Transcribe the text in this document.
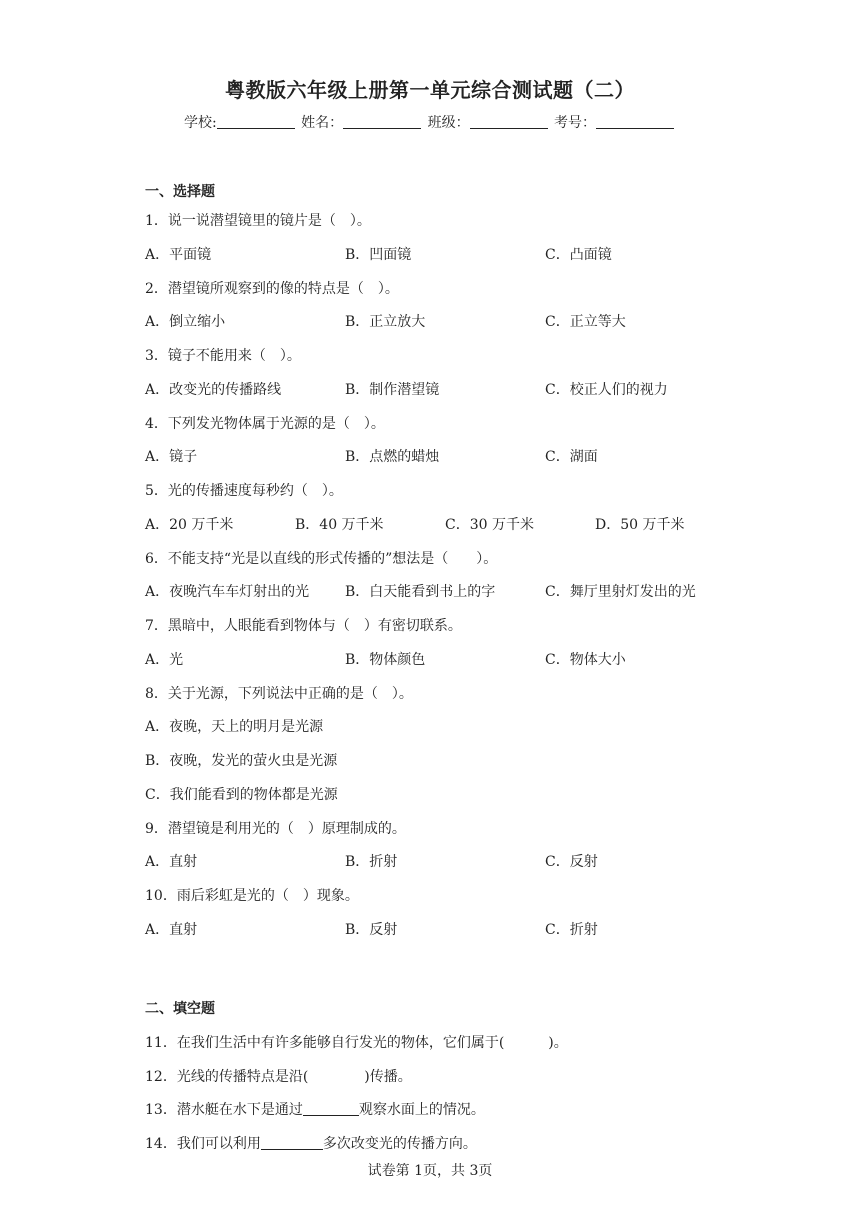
粤教版六年级上册第一单元综合测试题（二）
学校:	姓名：	班级：	考号：
一、选择题
1．说一说潜望镜里的镜片是（　）。
A．平面镜	B．凹面镜	C．凸面镜
2．潜望镜所观察到的像的特点是（　）。
A．倒立缩小	B．正立放大	C．正立等大
3．镜子不能用来（　）。
A．改变光的传播路线	B．制作潜望镜	C．校正人们的视力
4．下列发光物体属于光源的是（　）。
A．镜子	B．点燃的蜡烛	C．湖面
5．光的传播速度每秒约（　）。
A．20 万千米	B．40 万千米	C．30 万千米	D．50 万千米
6．不能支持“光是以直线的形式传播的”想法是（　　）。
A．夜晚汽车车灯射出的光	B．白天能看到书上的字	C．舞厅里射灯发出的光
7．黑暗中，人眼能看到物体与（　）有密切联系。
A．光	B．物体颜色	C．物体大小
8．关于光源，下列说法中正确的是（　）。
A．夜晚，天上的明月是光源
B．夜晚，发光的萤火虫是光源
C．我们能看到的物体都是光源
9．潜望镜是利用光的（　）原理制成的。
A．直射	B．折射	C．反射
10．雨后彩虹是光的（　）现象。
A．直射	B．反射	C．折射
二、填空题
11．在我们生活中有许多能够自行发光的物体，它们属于(	)。
12．光线的传播特点是沿(	)传播。
13．潜水艇在水下是通过	观察水面上的情况。
14．我们可以利用	多次改变光的传播方向。
试卷第 1页，共 3页
